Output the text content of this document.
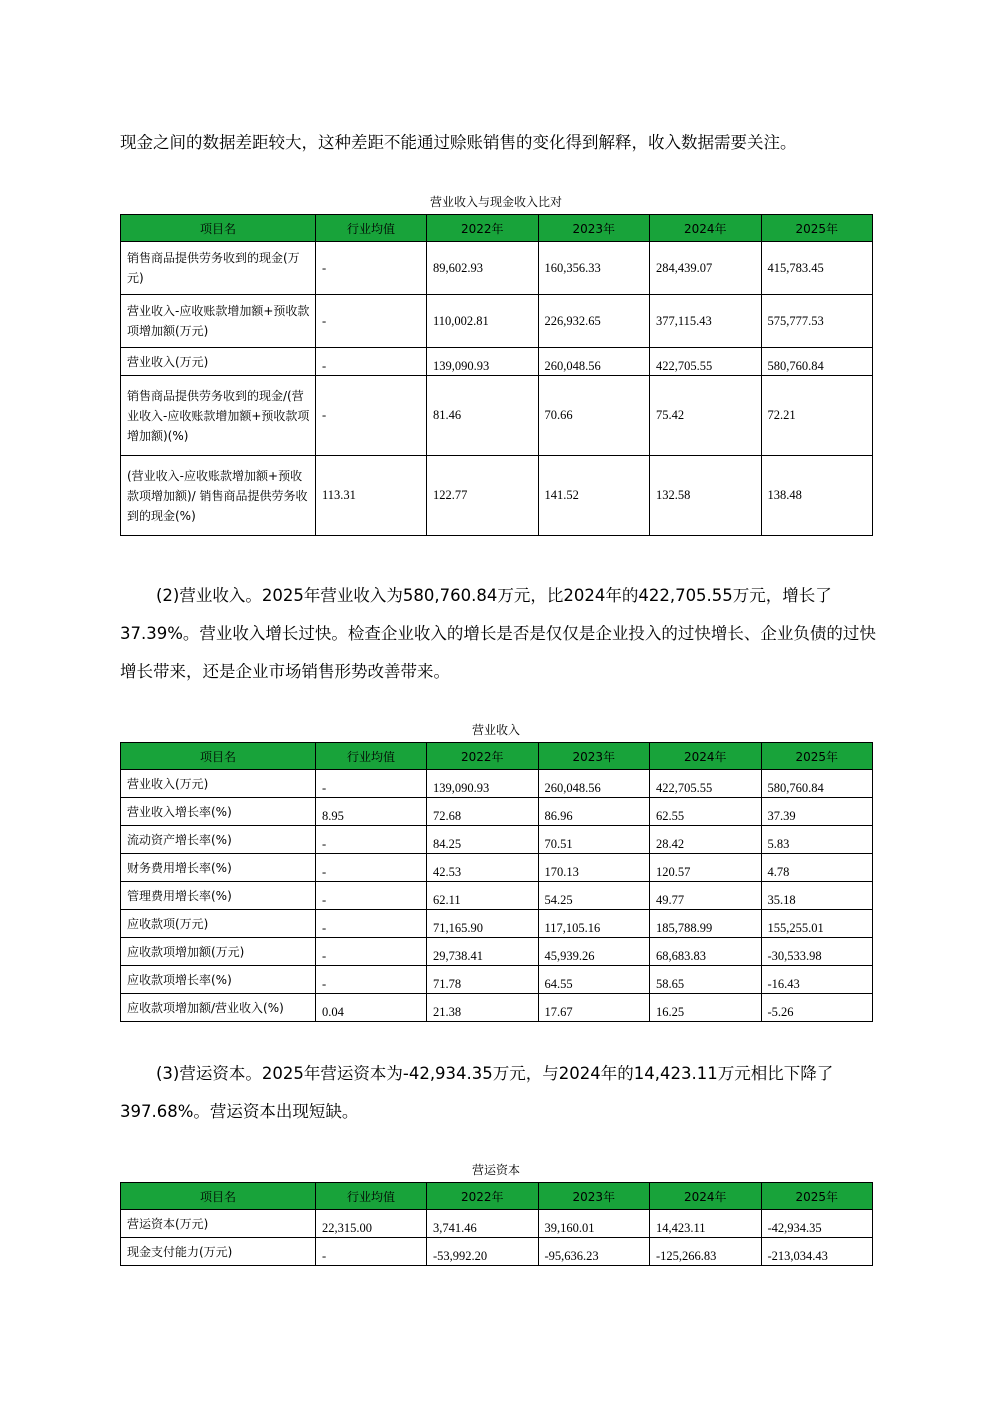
现金之间的数据差距较大，这种差距不能通过赊账销售的变化得到解释，收入数据需要关注。

营业收入与现金收入比对
项目名	行业均值	2022年	2023年	2024年	2025年
销售商品提供劳务收到的现金(万元)	-	89,602.93	160,356.33	284,439.07	415,783.45
营业收入-应收账款增加额+预收款项增加额(万元)	-	110,002.81	226,932.65	377,115.43	575,777.53
营业收入(万元)	-	139,090.93	260,048.56	422,705.55	580,760.84
销售商品提供劳务收到的现金/(营业收入-应收账款增加额+预收款项增加额)(%)	-	81.46	70.66	75.42	72.21
(营业收入-应收账款增加额+预收款项增加额)/ 销售商品提供劳务收到的现金(%)	113.31	122.77	141.52	132.58	138.48

(2)营业收入。2025年营业收入为580,760.84万元，比2024年的422,705.55万元，增长了37.39%。营业收入增长过快。检查企业收入的增长是否是仅仅是企业投入的过快增长、企业负债的过快增长带来，还是企业市场销售形势改善带来。

营业收入
项目名	行业均值	2022年	2023年	2024年	2025年
营业收入(万元)	-	139,090.93	260,048.56	422,705.55	580,760.84
营业收入增长率(%)	8.95	72.68	86.96	62.55	37.39
流动资产增长率(%)	-	84.25	70.51	28.42	5.83
财务费用增长率(%)	-	42.53	170.13	120.57	4.78
管理费用增长率(%)	-	62.11	54.25	49.77	35.18
应收款项(万元)	-	71,165.90	117,105.16	185,788.99	155,255.01
应收款项增加额(万元)	-	29,738.41	45,939.26	68,683.83	-30,533.98
应收款项增长率(%)	-	71.78	64.55	58.65	-16.43
应收款项增加额/营业收入(%)	0.04	21.38	17.67	16.25	-5.26

(3)营运资本。2025年营运资本为-42,934.35万元，与2024年的14,423.11万元相比下降了397.68%。营运资本出现短缺。

营运资本
项目名	行业均值	2022年	2023年	2024年	2025年
营运资本(万元)	22,315.00	3,741.46	39,160.01	14,423.11	-42,934.35
现金支付能力(万元)	-	-53,992.20	-95,636.23	-125,266.83	-213,034.43
